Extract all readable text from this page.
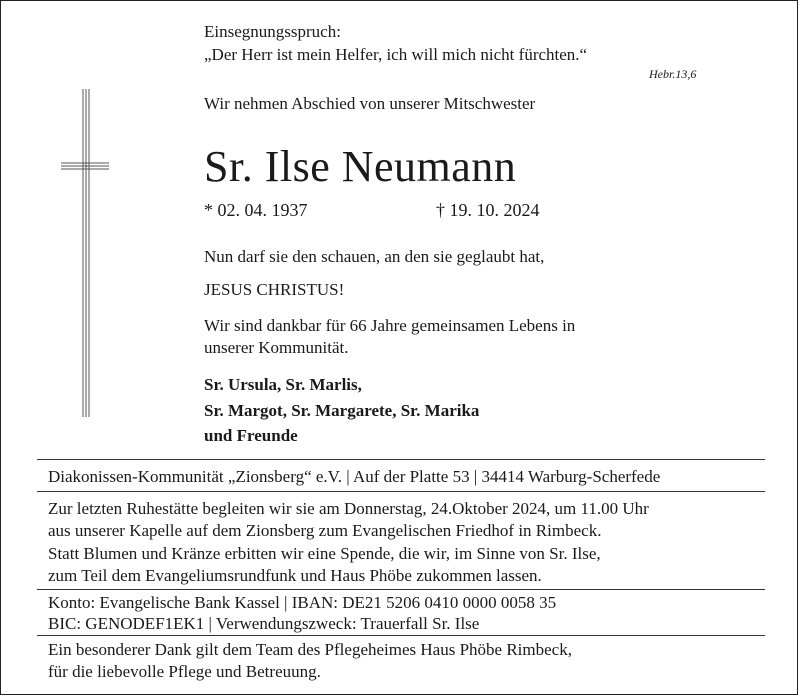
Einsegnungsspruch:
„Der Herr ist mein Helfer, ich will mich nicht fürchten.“
Hebr.13,6
Wir nehmen Abschied von unserer Mitschwester
Sr. Ilse Neumann
* 02. 04. 1937	† 19. 10. 2024
Nun darf sie den schauen, an den sie geglaubt hat,
JESUS CHRISTUS!
Wir sind dankbar für 66 Jahre gemeinsamen Lebens in
unserer Kommunität.
Sr. Ursula, Sr. Marlis,
Sr. Margot, Sr. Margarete, Sr. Marika
und Freunde
Diakonissen-Kommunität „Zionsberg“ e.V. | Auf der Platte 53 | 34414 Warburg-Scherfede
Zur letzten Ruhestätte begleiten wir sie am Donnerstag, 24.Oktober 2024, um 11.00 Uhr
aus unserer Kapelle auf dem Zionsberg zum Evangelischen Friedhof in Rimbeck.
Statt Blumen und Kränze erbitten wir eine Spende, die wir, im Sinne von Sr. Ilse,
zum Teil dem Evangeliumsrundfunk und Haus Phöbe zukommen lassen.
Konto: Evangelische Bank Kassel | IBAN: DE21 5206 0410 0000 0058 35
BIC: GENODEF1EK1 | Verwendungszweck: Trauerfall Sr. Ilse
Ein besonderer Dank gilt dem Team des Pflegeheimes Haus Phöbe Rimbeck,
für die liebevolle Pflege und Betreuung.
